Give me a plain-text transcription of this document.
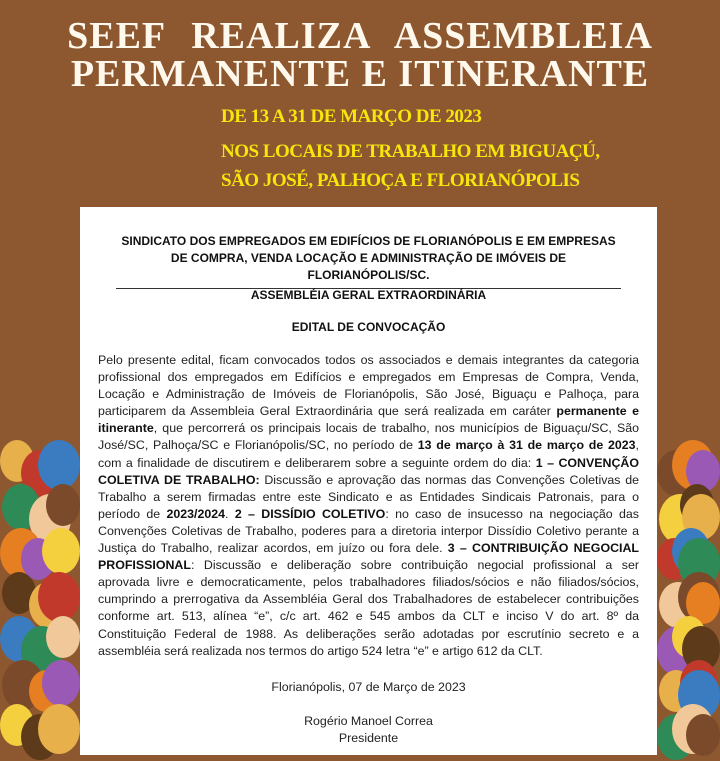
SEEF REALIZA ASSEMBLEIA
PERMANENTE E ITINERANTE
DE 13 A 31 DE MARÇO DE 2023
NOS LOCAIS DE TRABALHO EM BIGUAÇÚ,
SÃO JOSÉ, PALHOÇA E FLORIANÓPOLIS
SINDICATO DOS EMPREGADOS EM EDIFÍCIOS DE FLORIANÓPOLIS E EM EMPRESAS DE COMPRA, VENDA LOCAÇÃO E ADMINISTRAÇÃO DE IMÓVEIS DE FLORIANÓPOLIS/SC.
ASSEMBLÉIA GERAL EXTRAORDINÁRIA
EDITAL DE CONVOCAÇÃO
Pelo presente edital, ficam convocados todos os associados e demais integrantes da categoria profissional dos empregados em Edifícios e empregados em Empresas de Compra, Venda, Locação e Administração de Imóveis de Florianópolis, São José, Biguaçu e Palhoça, para participarem da Assembleia Geral Extraordinária que será realizada em caráter permanente e itinerante, que percorrerá os principais locais de trabalho, nos municípios de Biguaçu/SC, São José/SC, Palhoça/SC e Florianópolis/SC, no período de 13 de março à 31 de março de 2023, com a finalidade de discutirem e deliberarem sobre a seguinte ordem do dia: 1 – CONVENÇÃO COLETIVA DE TRABALHO: Discussão e aprovação das normas das Convenções Coletivas de Trabalho a serem firmadas entre este Sindicato e as Entidades Sindicais Patronais, para o período de 2023/2024. 2 – DISSÍDIO COLETIVO: no caso de insucesso na negociação das Convenções Coletivas de Trabalho, poderes para a diretoria interpor Dissídio Coletivo perante a Justiça do Trabalho, realizar acordos, em juízo ou fora dele. 3 – CONTRIBUIÇÃO NEGOCIAL PROFISSIONAL: Discussão e deliberação sobre contribuição negocial profissional a ser aprovada livre e democraticamente, pelos trabalhadores filiados/sócios e não filiados/sócios, cumprindo a prerrogativa da Assembléia Geral dos Trabalhadores de estabelecer contribuições conforme art. 513, alínea “e”, c/c art. 462 e 545 ambos da CLT e inciso V do art. 8º da Constituição Federal de 1988. As deliberações serão adotadas por escrutínio secreto e a assembléia será realizada nos termos do artigo 524 letra “e” e artigo 612 da CLT.
Florianópolis, 07 de Março de 2023
Rogério Manoel Correa
Presidente
